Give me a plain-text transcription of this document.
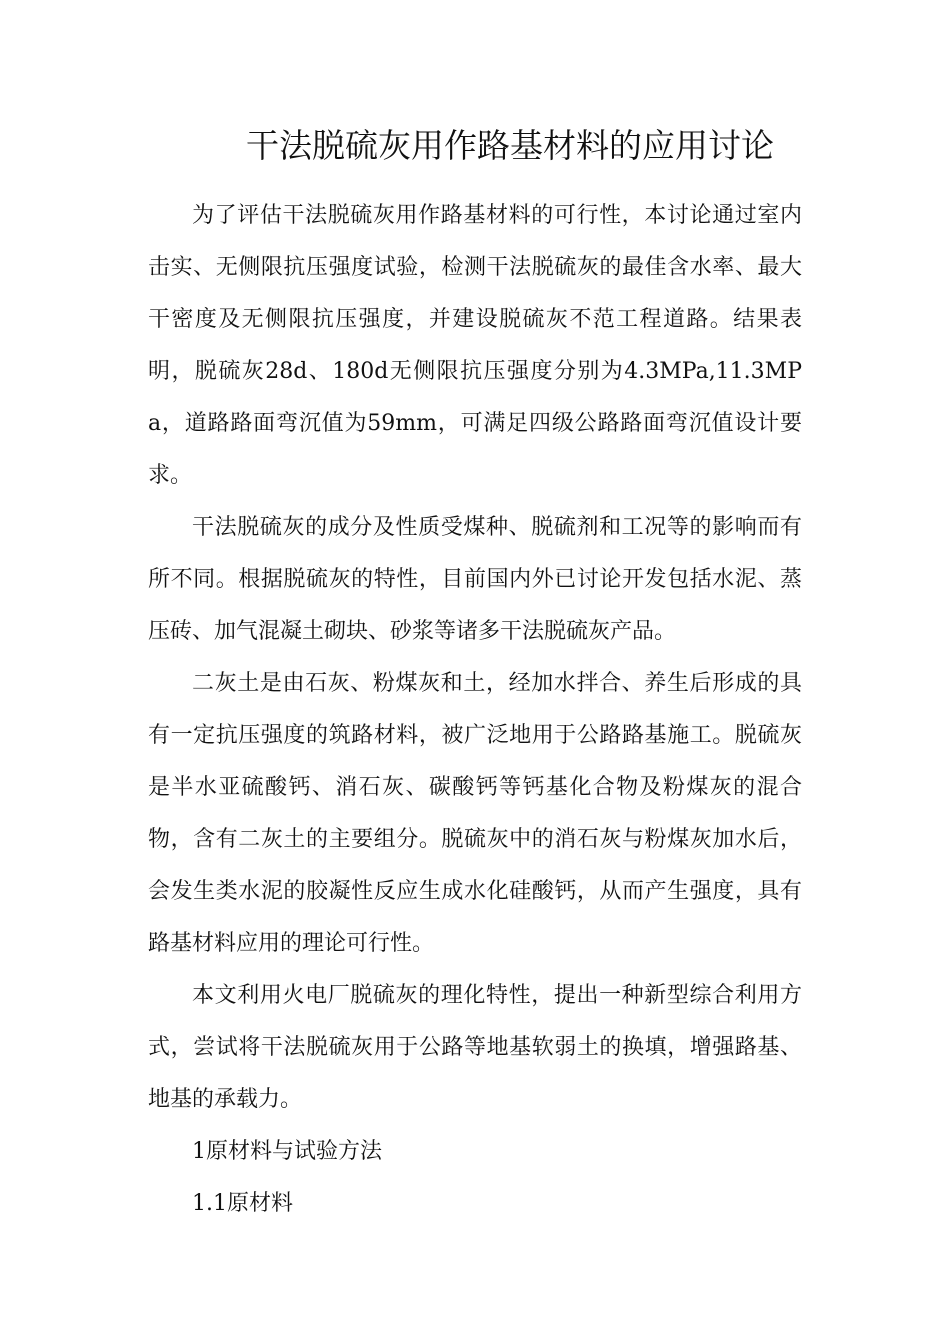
干法脱硫灰用作路基材料的应用讨论

为了评估干法脱硫灰用作路基材料的可行性，本讨论通过室内击实、无侧限抗压强度试验，检测干法脱硫灰的最佳含水率、最大干密度及无侧限抗压强度，并建设脱硫灰不范工程道路。结果表明，脱硫灰28d、180d无侧限抗压强度分别为4.3MPa,11.3MPa，道路路面弯沉值为59mm，可满足四级公路路面弯沉值设计要求。

干法脱硫灰的成分及性质受煤种、脱硫剂和工况等的影响而有所不同。根据脱硫灰的特性，目前国内外已讨论开发包括水泥、蒸压砖、加气混凝土砌块、砂浆等诸多干法脱硫灰产品。

二灰土是由石灰、粉煤灰和土，经加水拌合、养生后形成的具有一定抗压强度的筑路材料，被广泛地用于公路路基施工。脱硫灰是半水亚硫酸钙、消石灰、碳酸钙等钙基化合物及粉煤灰的混合物，含有二灰土的主要组分。脱硫灰中的消石灰与粉煤灰加水后，会发生类水泥的胶凝性反应生成水化硅酸钙，从而产生强度，具有路基材料应用的理论可行性。

本文利用火电厂脱硫灰的理化特性，提出一种新型综合利用方式，尝试将干法脱硫灰用于公路等地基软弱土的换填，增强路基、地基的承载力。

1原材料与试验方法

1.1原材料
